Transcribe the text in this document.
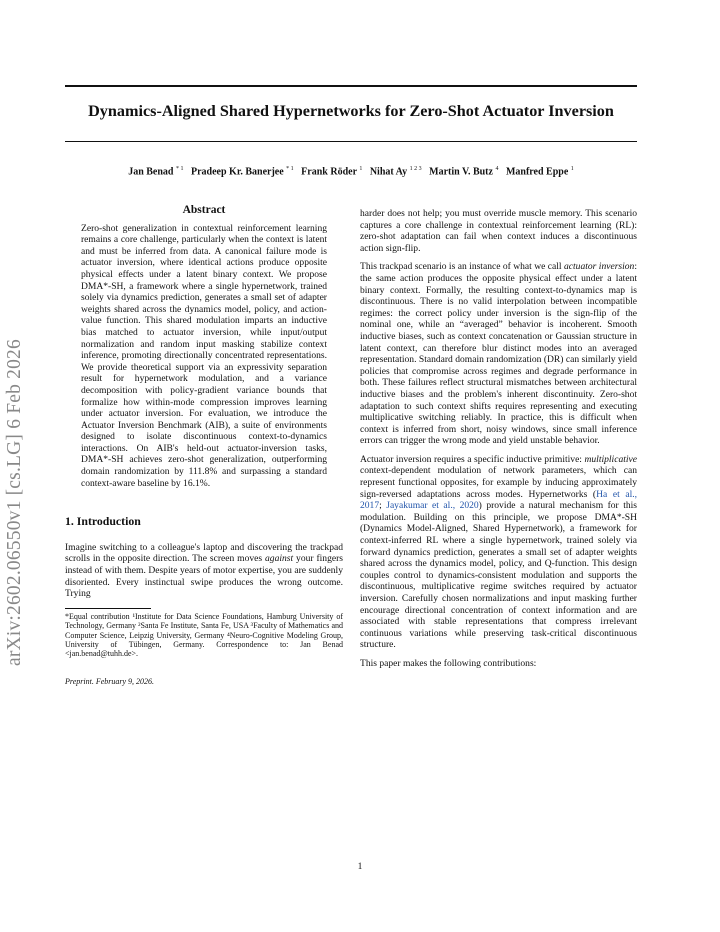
Dynamics-Aligned Shared Hypernetworks for Zero-Shot Actuator Inversion

Jan Benad $^{* 1}$ Pradeep Kr. Banerjee $^{* 1}$ Frank Röder $^1$ Nihat Ay $^{1 2 3}$ Martin V. Butz $^4$ Manfred Eppe $^1$

arXiv:2602.06550v1 [cs.LG] 6 Feb 2026
Abstract

Zero-shot generalization in contextual reinforcement learning remains a core challenge, particularly when the context is latent and must be inferred from data. A canonical failure mode is actuator inversion, where identical actions produce opposite physical effects under a latent binary context. We propose DMA*-SH, a framework where a single hypernetwork, trained solely via dynamics prediction, generates a small set of adapter weights shared across the dynamics model, policy, and action-value function. This shared modulation imparts an inductive bias matched to actuator inversion, while input/output normalization and random input masking stabilize context inference, promoting directionally concentrated representations. We provide theoretical support via an expressivity separation result for hypernetwork modulation, and a variance decomposition with policy-gradient variance bounds that formalize how within-mode compression improves learning under actuator inversion. For evaluation, we introduce the Actuator Inversion Benchmark (AIB), a suite of environments designed to isolate discontinuous context-to-dynamics interactions. On AIB's held-out actuator-inversion tasks, DMA*-SH achieves zero-shot generalization, outperforming domain randomization by 111.8% and surpassing a standard context-aware baseline by 16.1%.

1. Introduction

Imagine switching to a colleague's laptop and discovering the trackpad scrolls in the opposite direction. The screen moves against your fingers instead of with them. Despite years of motor expertise, you are suddenly disoriented. Every instinctual swipe produces the wrong outcome. Trying

*Equal contribution ¹Institute for Data Science Foundations, Hamburg University of Technology, Germany ²Santa Fe Institute, Santa Fe, USA ³Faculty of Mathematics and Computer Science, Leipzig University, Germany ⁴Neuro-Cognitive Modeling Group, University of Tübingen, Germany. Correspondence to: Jan Benad <jan.benad@tuhh.de>.

Preprint. February 9, 2026.

harder does not help; you must override muscle memory. This scenario captures a core challenge in contextual reinforcement learning (RL): zero-shot adaptation can fail when context induces a discontinuous action sign-flip.

This trackpad scenario is an instance of what we call actuator inversion: the same action produces the opposite physical effect under a latent binary context. Formally, the resulting context-to-dynamics map is discontinuous. There is no valid interpolation between incompatible regimes: the correct policy under inversion is the sign-flip of the nominal one, while an “averaged” behavior is incoherent. Smooth inductive biases, such as context concatenation or Gaussian structure in latent context, can therefore blur distinct modes into an averaged representation. Standard domain randomization (DR) can similarly yield policies that compromise across regimes and degrade performance in both. These failures reflect structural mismatches between architectural inductive biases and the problem's inherent discontinuity. Zero-shot adaptation to such context shifts requires representing and executing multiplicative switching reliably. In practice, this is difficult when context is inferred from short, noisy windows, since small inference errors can trigger the wrong mode and yield unstable behavior.

Actuator inversion requires a specific inductive primitive: multiplicative context-dependent modulation of network parameters, which can represent functional opposites, for example by inducing approximately sign-reversed adaptations across modes. Hypernetworks (Ha et al., 2017; Jayakumar et al., 2020) provide a natural mechanism for this modulation. Building on this principle, we propose DMA*-SH (Dynamics Model-Aligned, Shared Hypernetwork), a framework for context-inferred RL where a single hypernetwork, trained solely via forward dynamics prediction, generates a small set of adapter weights shared across the dynamics model, policy, and Q-function. This design couples control to dynamics-consistent modulation and supports the discontinuous, multiplicative regime switches required by actuator inversion. Carefully chosen normalizations and input masking further encourage directional concentration of context information and are associated with stable representations that compress irrelevant continuous variations while preserving task-critical discontinuous structure.

This paper makes the following contributions:

1
